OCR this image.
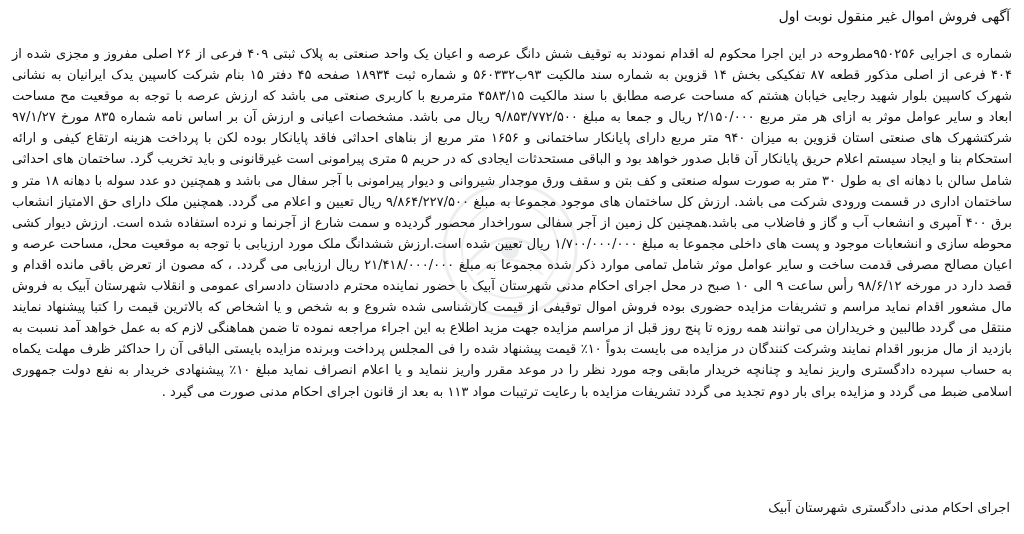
آگهی فروش اموال غیر منقول نوبت اول

شماره ی اجرایی ۹۵۰۲۵۶مطروحه در این اجرا محکوم له اقدام نمودند به توقیف شش دانگ عرصه و اعیان یک واحد صنعتی به پلاک ثبتی ۴۰۹ فرعی از ۲۶ اصلی مفروز و مجزی شده از ۴۰۴ فرعی از اصلی مذکور قطعه ۸۷ تفکیکی بخش ۱۴ قزوین به شماره سند مالکیت ۹۳ب۵۶۰۳۳۲ و شماره ثبت ۱۸۹۳۴ صفحه ۴۵ دفتر ۱۵ بنام شرکت کاسپین یدک ایرانیان به نشانی شهرک کاسپین بلوار شهید رجایی خیابان هشتم که مساحت عرصه مطابق با سند مالکیت ۴۵۸۳/۱۵ مترمربع با کاربری صنعتی می باشد که ارزش عرصه با توجه به موقعیت مح مساحت ابعاد و سایر عوامل موثر به ازای هر متر مربع ۲/۱۵۰/۰۰۰ ریال و جمعا به مبلغ ۹/۸۵۳/۷۷۲/۵۰۰ ریال می باشد. مشخصات اعیانی و ارزش آن بر اساس نامه شماره ۸۳۵ مورخ ۹۷/۱/۲۷ شرکتشهرک های صنعتی استان قزوین به میزان ۹۴۰ متر مربع دارای پایانکار ساختمانی و ۱۶۵۶ متر مربع از بناهای احداثی فاقد پایانکار بوده لکن با پرداخت هزینه ارتقاع کیفی و ارائه استحکام بنا و ایجاد سیستم اعلام حریق پایانکار آن قابل صدور خواهد بود و الباقی مستحدثات ایجادی که در حریم ۵ متری پیرامونی است غیرقانونی و باید تخریب گرد. ساختمان های احداثی شامل سالن با دهانه ای به طول ۳۰ متر به صورت سوله صنعتی و کف بتن و سقف ورق موجدار شیروانی و دیوار پیرامونی با آجر سفال می باشد و همچنین دو عدد سوله با دهانه ۱۸ متر و ساختمان اداری در قسمت ورودی شرکت می باشد. ارزش کل ساختمان های موجود مجموعا به مبلغ ۹/۸۶۴/۲۲۷/۵۰۰ ریال تعیین و اعلام می گردد. همچنین ملک دارای حق الامتیاز انشعاب برق ۴۰۰ آمپری و انشعاب آب و گاز و فاضلاب می باشد.همچنین کل زمین از آجر سفالی سوراخدار محصور گردیده و سمت شارع از آجرنما و نرده استفاده شده است. ارزش دیوار کشی محوطه سازی و انشعابات موجود و پست های داخلی مجموعا به مبلغ ۱/۷۰۰/۰۰۰/۰۰۰ ریال تعیین شده است.ارزش ششدانگ ملک مورد ارزیابی با توجه به موقعیت محل، مساحت عرصه و اعیان مصالح مصرفی قدمت ساخت و سایر عوامل موثر شامل تمامی موارد ذکر شده مجموعا به مبلغ ۲۱/۴۱۸/۰۰۰/۰۰۰ ریال ارزیابی می گردد. ، که مصون از تعرض باقی مانده اقدام و قصد دارد در مورخه ۹۸/۶/۱۲ رأس ساعت ۹ الی ۱۰ صبح در محل اجرای احکام مدنی شهرستان آبیک با حضور نماینده محترم دادستان دادسرای عمومی و انقلاب شهرستان آبیک به فروش مال مشعور اقدام نماید مراسم و تشریفات مزایده حضوری بوده فروش اموال توقیفی از قیمت کارشناسی شده شروع و به شخص و یا اشخاص که بالاترین قیمت را کتبا پیشنهاد نمایند منتقل می گردد طالبین و خریداران می توانند همه روزه تا پنج روز قبل از مراسم مزایده جهت مزید اطلاع به این اجراء مراجعه نموده تا ضمن هماهنگی لازم که به عمل خواهد آمد نسبت به بازدید از مال مزبور اقدام نمایند وشرکت کنندگان در مزایده می بایست بدواً ۱۰٪ قیمت پیشنهاد شده را فی المجلس پرداخت وبرنده مزایده بایستی الباقی آن را حداکثر ظرف مهلت یکماه به حساب سپرده دادگستری واریز نماید و چنانچه خریدار مابقی وجه مورد نظر را در موعد مقرر واریز ننماید و یا اعلام انصراف نماید مبلغ ۱۰٪ پیشنهادی خریدار به نفع دولت جمهوری اسلامی ضبط می گردد و مزایده برای بار دوم تجدید می گردد تشریفات مزایده با رعایت ترتیبات مواد ۱۱۳ به بعد از قانون اجرای احکام مدنی صورت می گیرد .

اجرای احکام مدنی دادگستری شهرستان آبیک
